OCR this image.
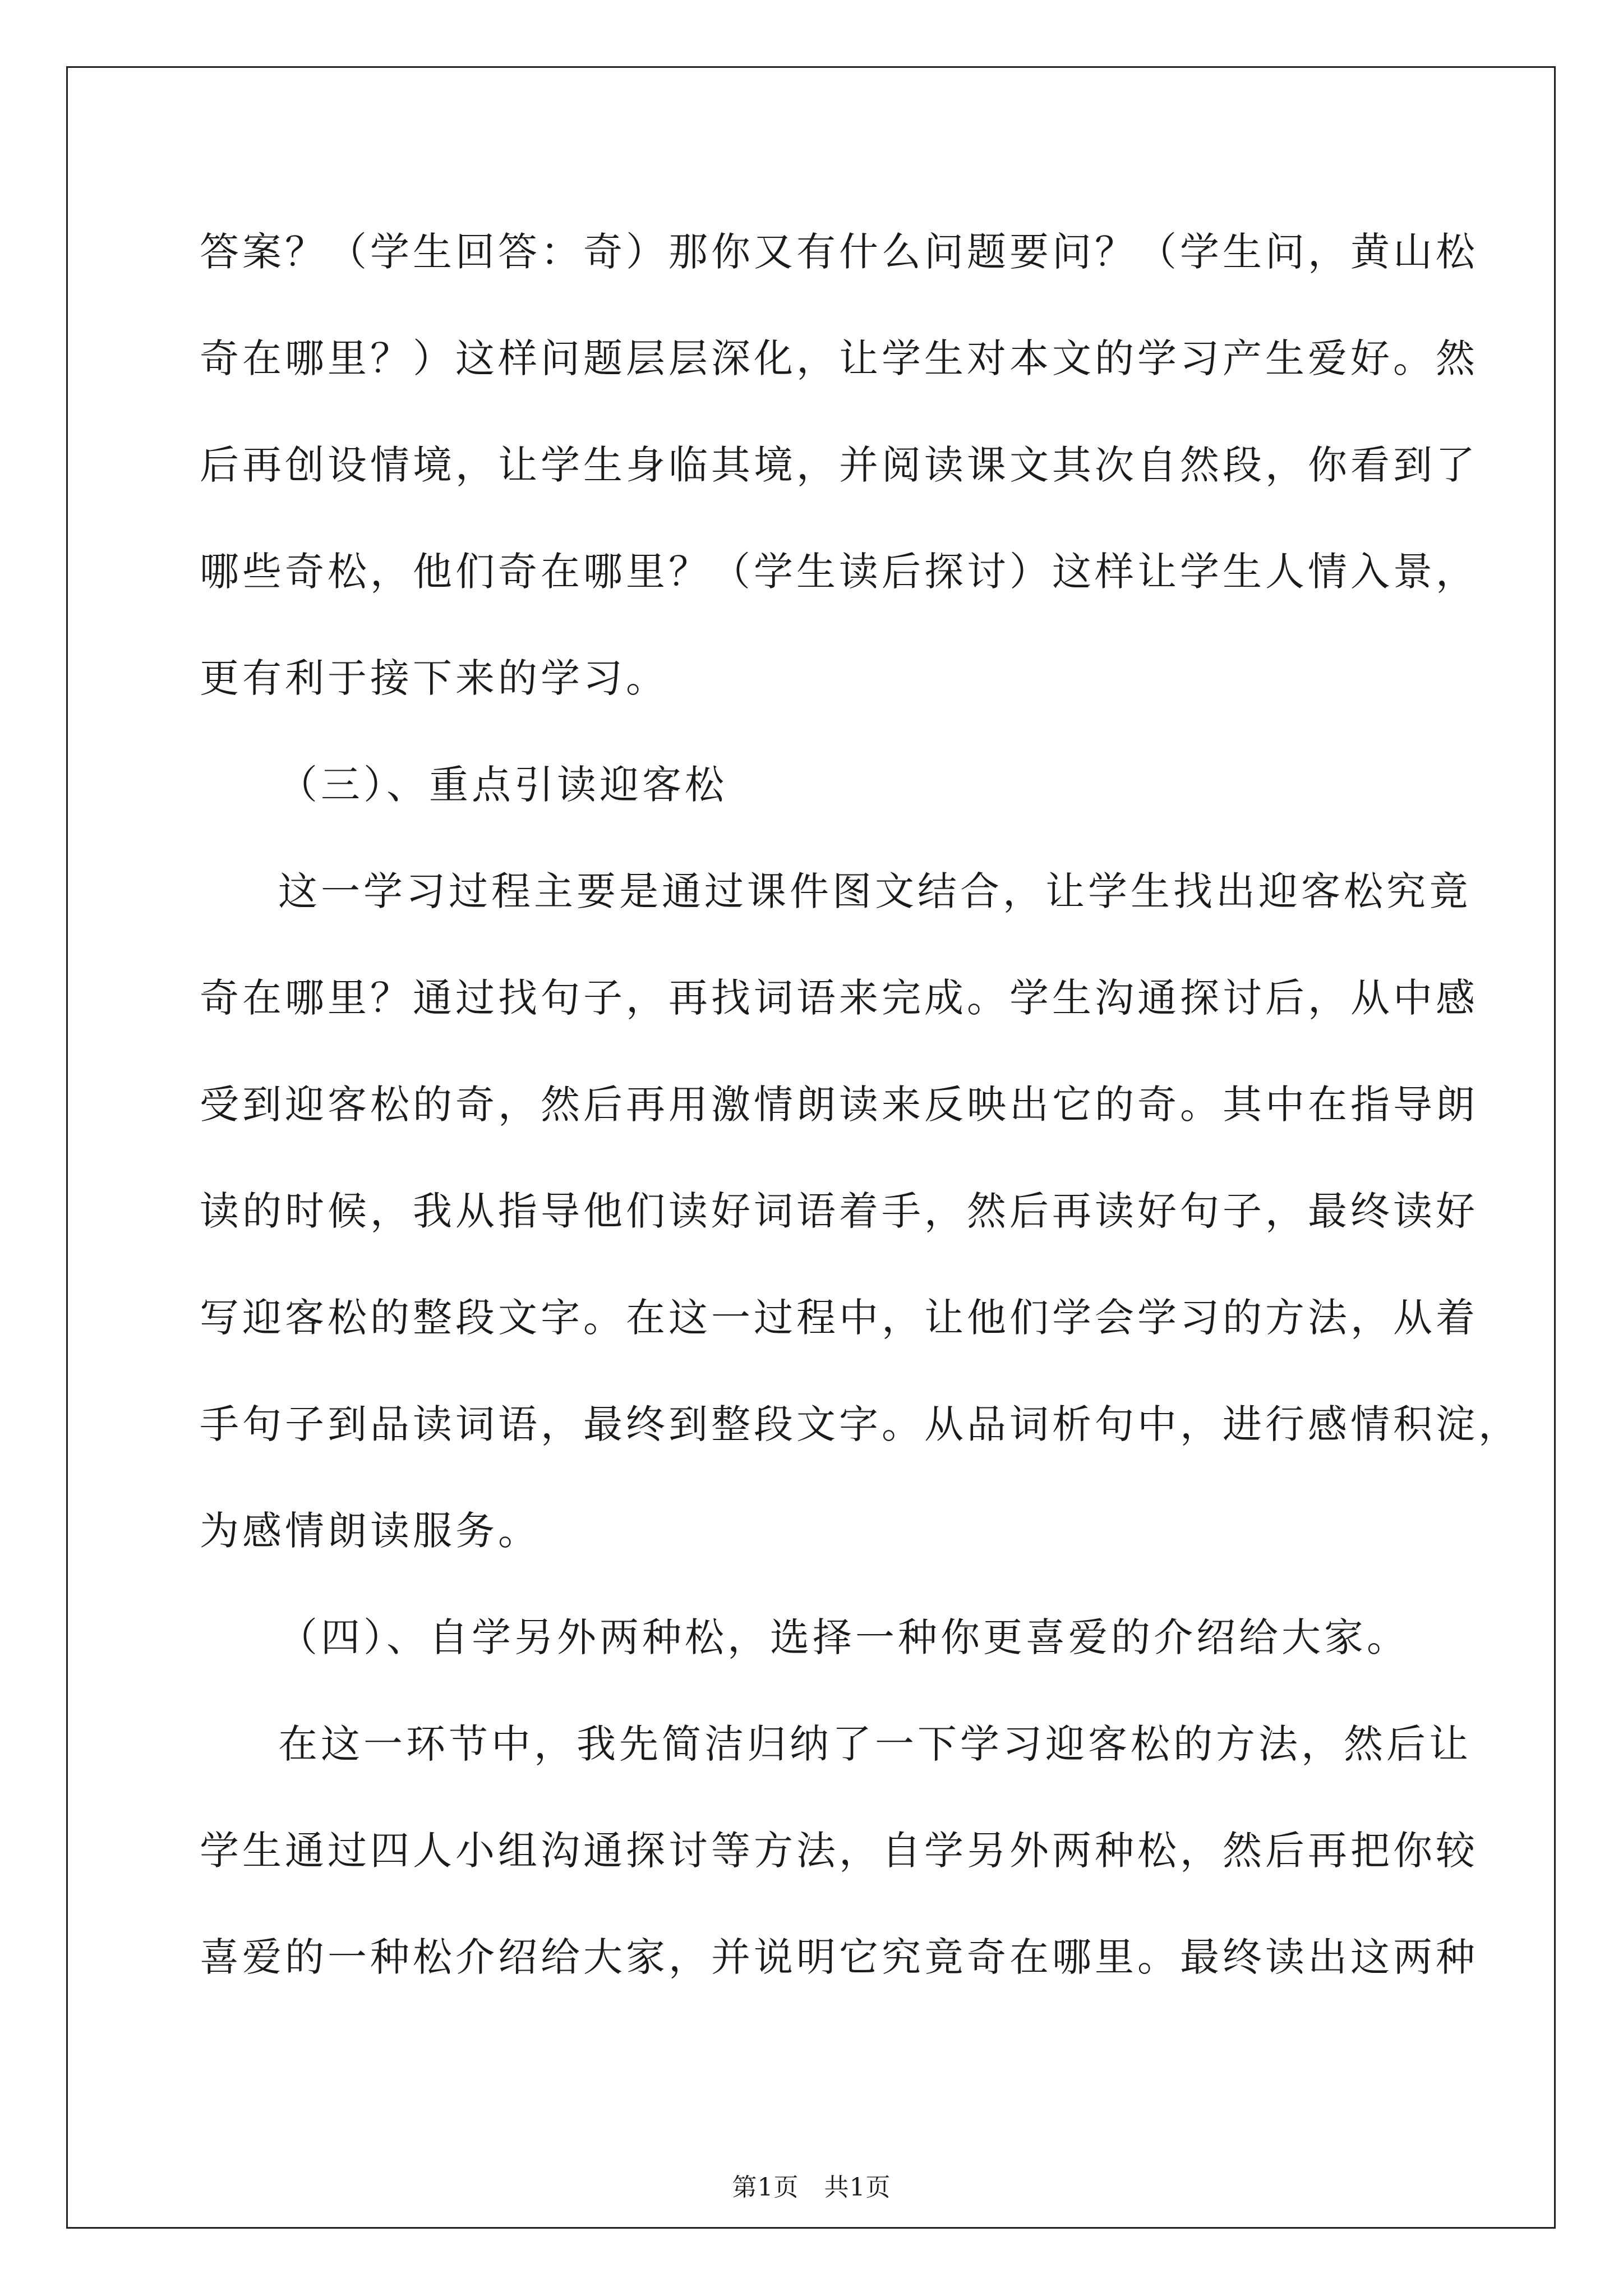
答案？（学生回答：奇）那你又有什么问题要问？（学生问，黄山松
奇在哪里？）这样问题层层深化，让学生对本文的学习产生爱好。然
后再创设情境，让学生身临其境，并阅读课文其次自然段，你看到了
哪些奇松，他们奇在哪里？（学生读后探讨）这样让学生人情入景，
更有利于接下来的学习。
（三）、重点引读迎客松
这一学习过程主要是通过课件图文结合，让学生找出迎客松究竟
奇在哪里？通过找句子，再找词语来完成。学生沟通探讨后，从中感
受到迎客松的奇，然后再用激情朗读来反映出它的奇。其中在指导朗
读的时候，我从指导他们读好词语着手，然后再读好句子，最终读好
写迎客松的整段文字。在这一过程中，让他们学会学习的方法，从着
手句子到品读词语，最终到整段文字。从品词析句中，进行感情积淀，
为感情朗读服务。
（四）、自学另外两种松，选择一种你更喜爱的介绍给大家。
在这一环节中，我先简洁归纳了一下学习迎客松的方法，然后让
学生通过四人小组沟通探讨等方法，自学另外两种松，然后再把你较
喜爱的一种松介绍给大家，并说明它究竟奇在哪里。最终读出这两种
第1页 共1页
